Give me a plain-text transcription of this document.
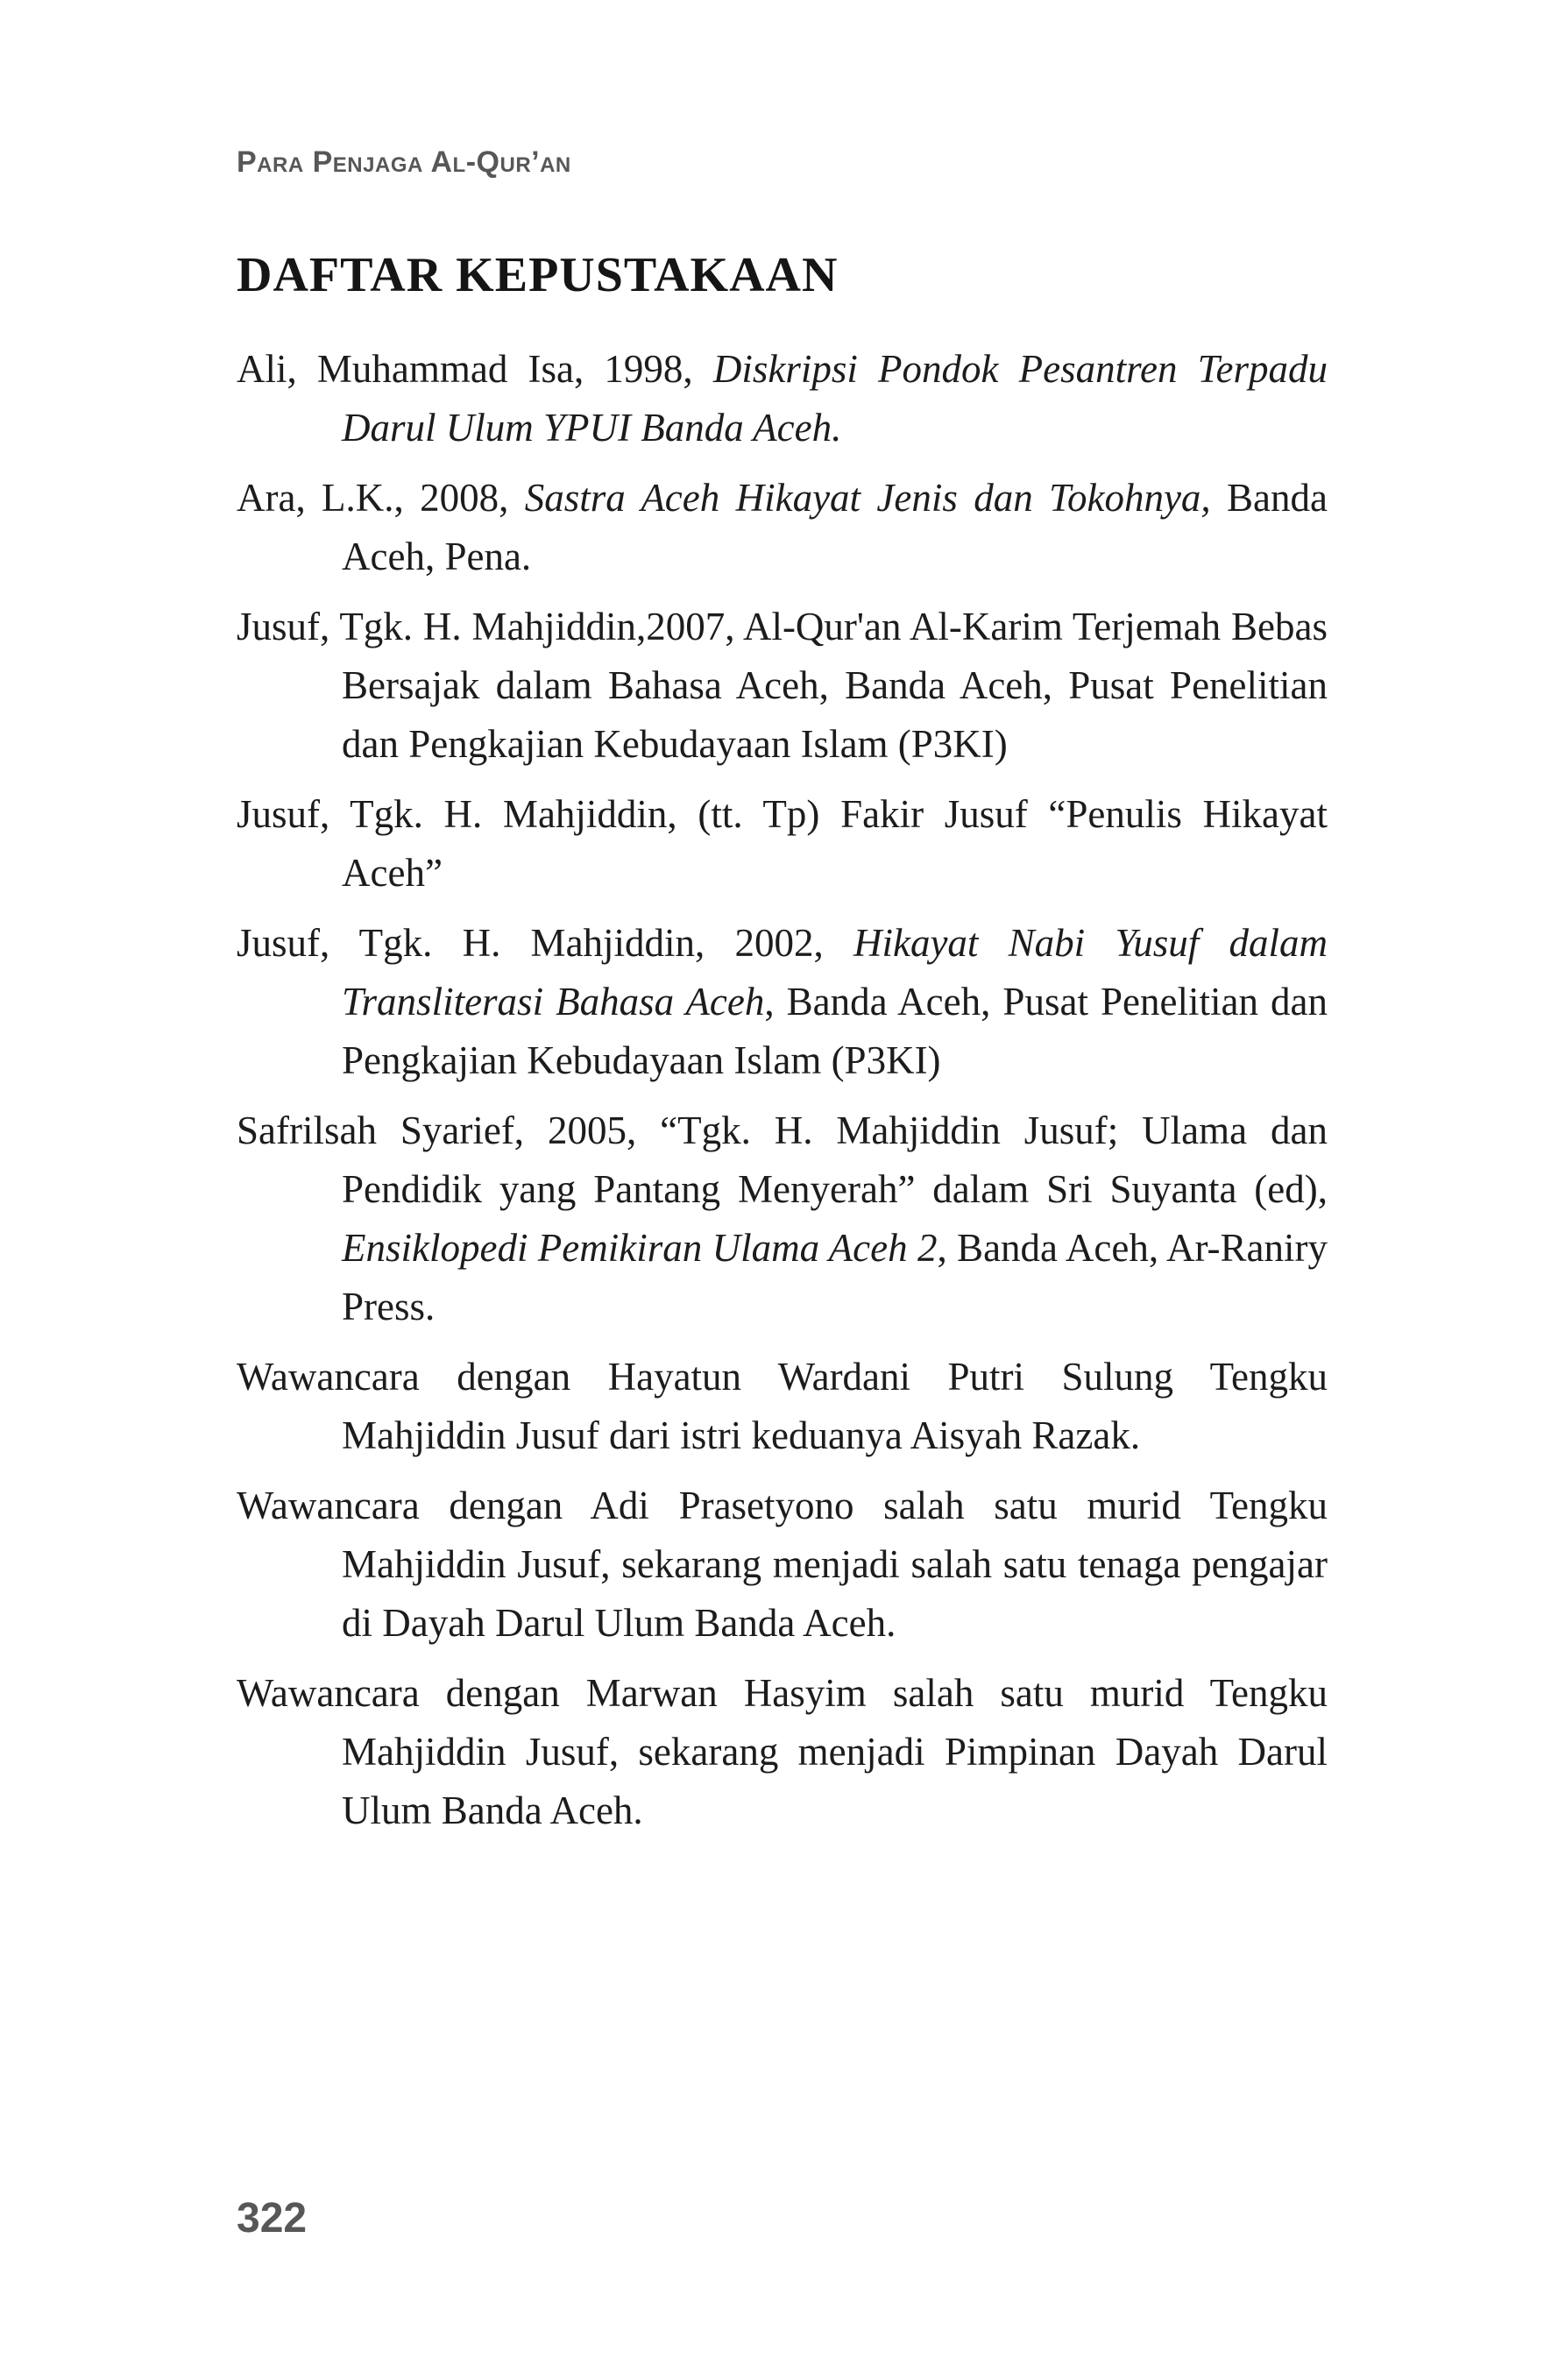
Para Penjaga Al-Qur’an
DAFTAR KEPUSTAKAAN

Ali, Muhammad Isa, 1998, Diskripsi Pondok Pesantren Terpadu Darul Ulum YPUI Banda Aceh.

Ara, L.K., 2008, Sastra Aceh Hikayat Jenis dan Tokohnya, Banda Aceh, Pena.

Jusuf, Tgk. H. Mahjiddin,2007, Al-Qur'an Al-Karim Terjemah Bebas Bersajak dalam Bahasa Aceh, Banda Aceh, Pusat Penelitian dan Pengkajian Kebudayaan Islam (P3KI)

Jusuf, Tgk. H. Mahjiddin, (tt. Tp) Fakir Jusuf “Penulis Hikayat Aceh”

Jusuf, Tgk. H. Mahjiddin, 2002, Hikayat Nabi Yusuf dalam Transliterasi Bahasa Aceh, Banda Aceh, Pusat Penelitian dan Pengkajian Kebudayaan Islam (P3KI)

Safrilsah Syarief, 2005, “Tgk. H. Mahjiddin Jusuf; Ulama dan Pendidik yang Pantang Menyerah” dalam Sri Suyanta (ed), Ensiklopedi Pemikiran Ulama Aceh 2, Banda Aceh, Ar-Raniry Press.

Wawancara dengan Hayatun Wardani Putri Sulung Tengku Mahjiddin Jusuf dari istri keduanya Aisyah Razak.

Wawancara dengan Adi Prasetyono salah satu murid Tengku Mahjiddin Jusuf, sekarang menjadi salah satu tenaga pengajar di Dayah Darul Ulum Banda Aceh.

Wawancara dengan Marwan Hasyim salah satu murid Tengku Mahjiddin Jusuf, sekarang menjadi Pimpinan Dayah Darul Ulum Banda Aceh.

322
